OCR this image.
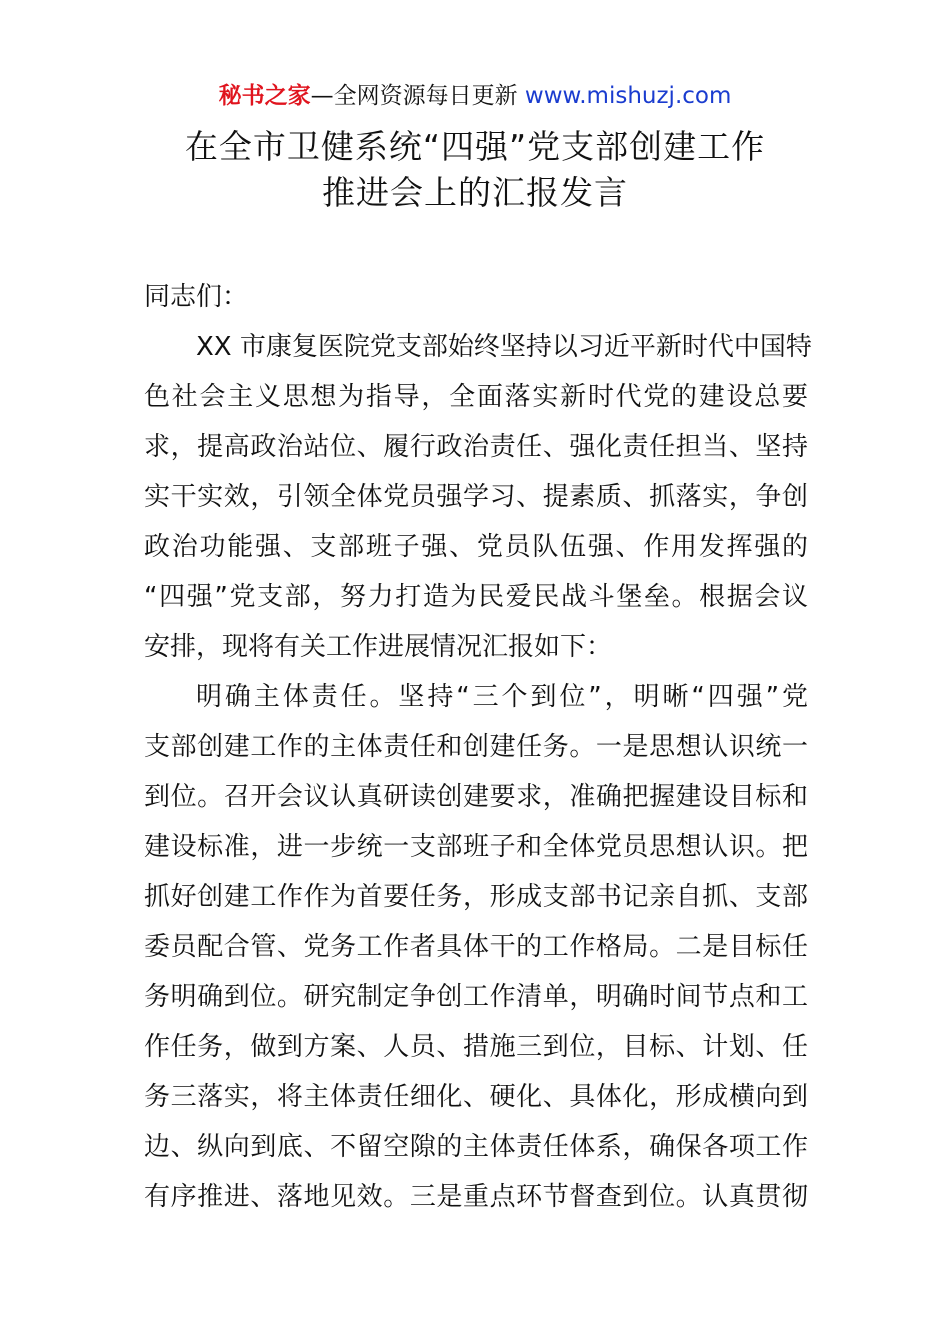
秘书之家—全网资源每日更新 www.mishuzj.com
在全市卫健系统“四强”党支部创建工作
推进会上的汇报发言
同志们：
XX 市康复医院党支部始终坚持以习近平新时代中国特
色社会主义思想为指导，全面落实新时代党的建设总要
求，提高政治站位、履行政治责任、强化责任担当、坚持
实干实效，引领全体党员强学习、提素质、抓落实，争创
政治功能强、支部班子强、党员队伍强、作用发挥强的
“四强”党支部，努力打造为民爱民战斗堡垒。根据会议
安排，现将有关工作进展情况汇报如下：
明确主体责任。坚持“三个到位”，明晰“四强”党
支部创建工作的主体责任和创建任务。一是思想认识统一
到位。召开会议认真研读创建要求，准确把握建设目标和
建设标准，进一步统一支部班子和全体党员思想认识。把
抓好创建工作作为首要任务，形成支部书记亲自抓、支部
委员配合管、党务工作者具体干的工作格局。二是目标任
务明确到位。研究制定争创工作清单，明确时间节点和工
作任务，做到方案、人员、措施三到位，目标、计划、任
务三落实，将主体责任细化、硬化、具体化，形成横向到
边、纵向到底、不留空隙的主体责任体系，确保各项工作
有序推进、落地见效。三是重点环节督查到位。认真贯彻
